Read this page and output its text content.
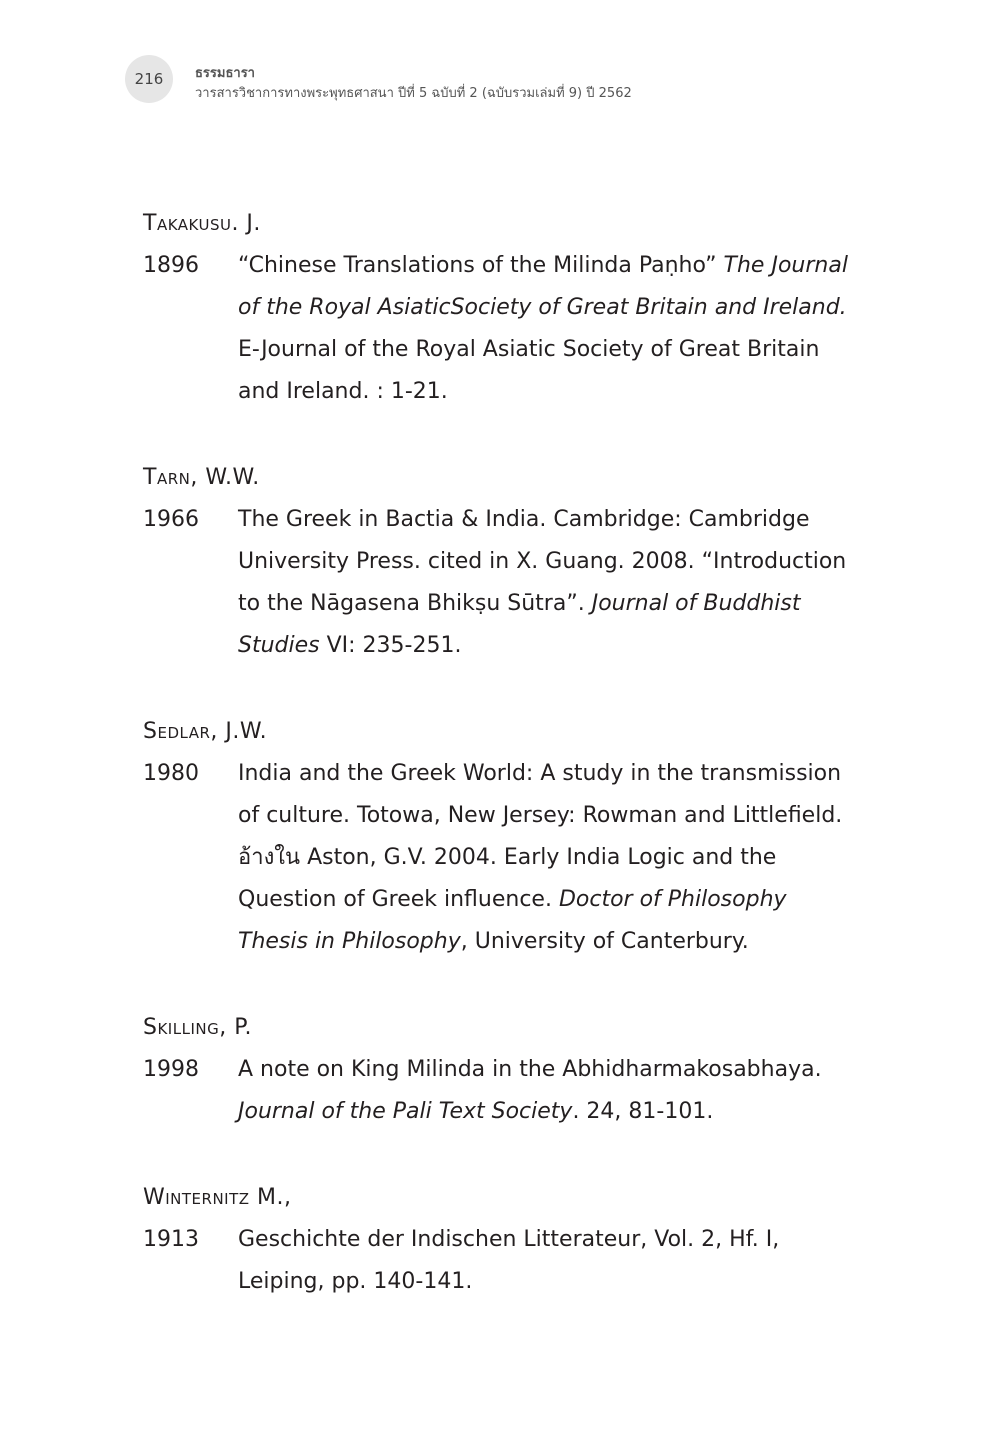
216	ธรรมธารา
วารสารวิชาการทางพระพุทธศาสนา ปีที่ 5 ฉบับที่ 2 (ฉบับรวมเล่มที่ 9) ปี 2562
Takakusu. J.
1896	“Chinese Translations of the Milinda Paṇho” The Journal
of the Royal AsiaticSociety of Great Britain and Ireland.
E-Journal of the Royal Asiatic Society of Great Britain
and Ireland. : 1-21.
Tarn, W.W.
1966	The Greek in Bactia & India. Cambridge: Cambridge
University Press. cited in X. Guang. 2008. “Introduction
to the Nāgasena Bhikṣu Sūtra”. Journal of Buddhist
Studies VI: 235-251.
Sedlar, J.W.
1980	India and the Greek World: A study in the transmission
of culture. Totowa, New Jersey: Rowman and Littlefield.
อ้างใน Aston, G.V. 2004. Early India Logic and the
Question of Greek influence. Doctor of Philosophy
Thesis in Philosophy, University of Canterbury.
Skilling, P.
1998	A note on King Milinda in the Abhidharmakosabhaya.
Journal of the Pali Text Society. 24, 81-101.
Winternitz M.,
1913	Geschichte der Indischen Litterateur, Vol. 2, Hf. I,
Leiping, pp. 140-141.
